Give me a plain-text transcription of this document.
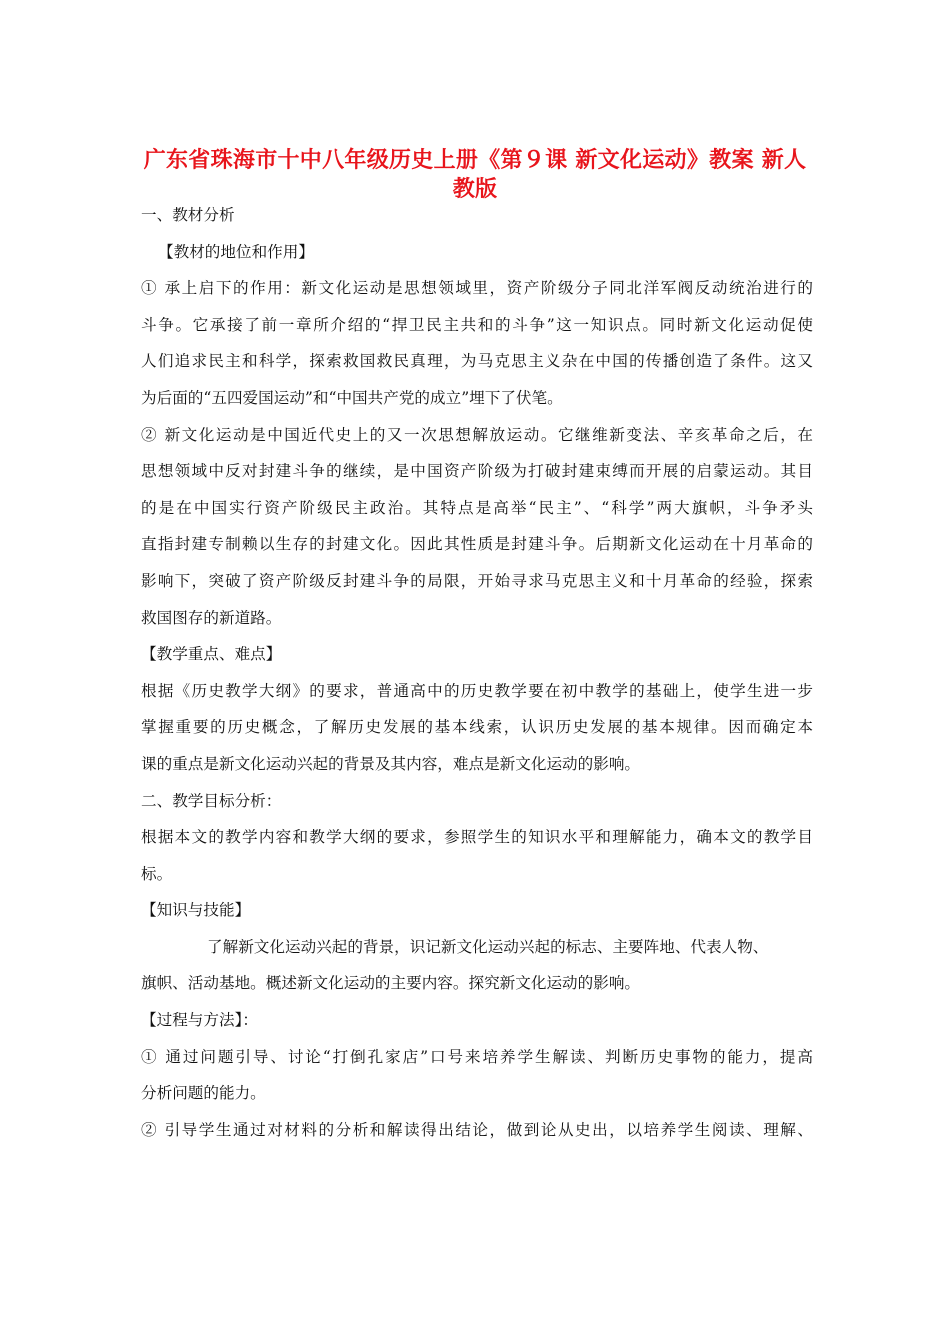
广东省珠海市十中八年级历史上册《第９课 新文化运动》教案 新人
教版
一、教材分析
【教材的地位和作用】
① 承上启下的作用：新文化运动是思想领域里，资产阶级分子同北洋军阀反动统治进行的
斗争。它承接了前一章所介绍的“捍卫民主共和的斗争”这一知识点。同时新文化运动促使
人们追求民主和科学，探索救国救民真理，为马克思主义杂在中国的传播创造了条件。这又
为后面的“五四爱国运动”和“中国共产党的成立”埋下了伏笔。
② 新文化运动是中国近代史上的又一次思想解放运动。它继维新变法、辛亥革命之后，在
思想领域中反对封建斗争的继续，是中国资产阶级为打破封建束缚而开展的启蒙运动。其目
的是在中国实行资产阶级民主政治。其特点是高举“民主”、“科学”两大旗帜，斗争矛头
直指封建专制赖以生存的封建文化。因此其性质是封建斗争。后期新文化运动在十月革命的
影响下，突破了资产阶级反封建斗争的局限，开始寻求马克思主义和十月革命的经验，探索
救国图存的新道路。
【教学重点、难点】
根据《历史教学大纲》的要求，普通高中的历史教学要在初中教学的基础上，使学生进一步
掌握重要的历史概念，了解历史发展的基本线索，认识历史发展的基本规律。因而确定本
课的重点是新文化运动兴起的背景及其内容，难点是新文化运动的影响。
二、教学目标分析：
根据本文的教学内容和教学大纲的要求，参照学生的知识水平和理解能力，确本文的教学目
标。
【知识与技能】
了解新文化运动兴起的背景，识记新文化运动兴起的标志、主要阵地、代表人物、
旗帜、活动基地。概述新文化运动的主要内容。探究新文化运动的影响。
【过程与方法】：
① 通过问题引导、讨论“打倒孔家店”口号来培养学生解读、判断历史事物的能力，提高
分析问题的能力。
② 引导学生通过对材料的分析和解读得出结论，做到论从史出，以培养学生阅读、理解、
